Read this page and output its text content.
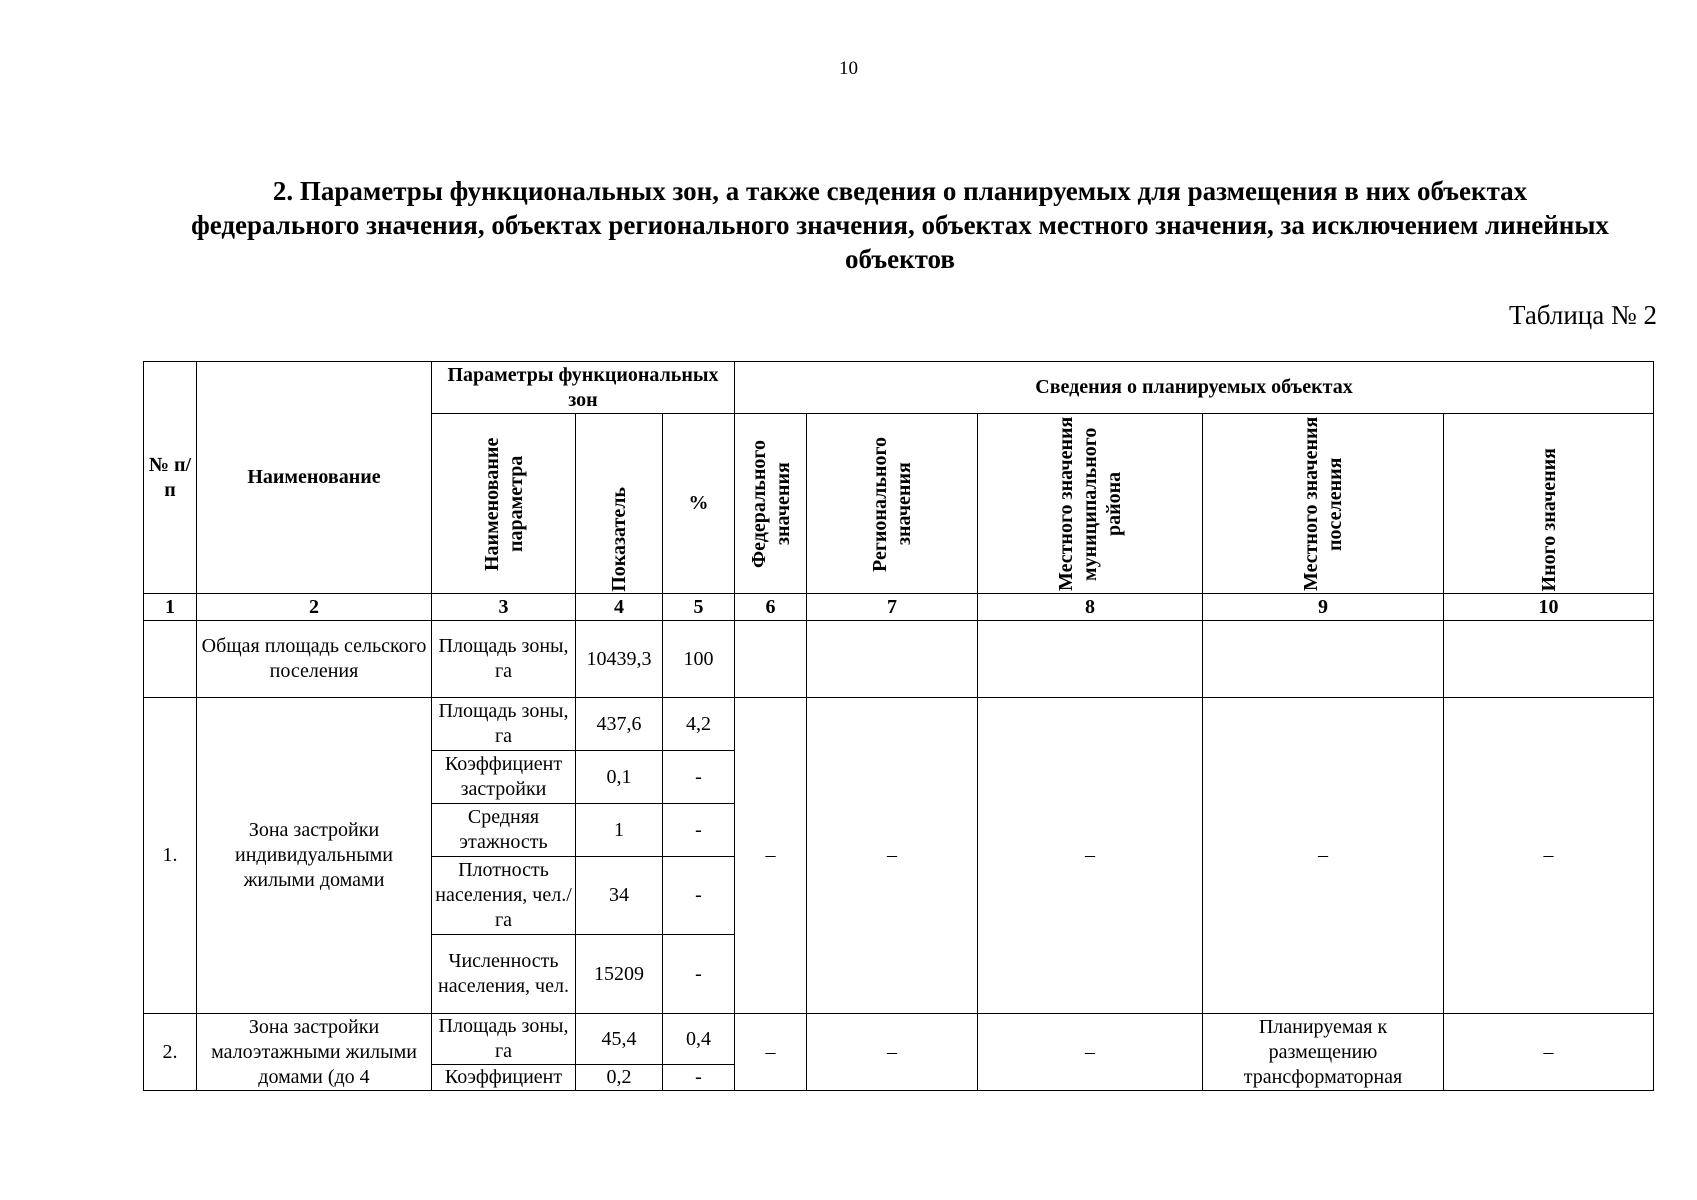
10
2. Параметры функциональных зон, а также сведения о планируемых для размещения в них объектах
федерального значения, объектах регионального значения, объектах местного значения, за исключением линейных
объектов
Таблица № 2
№ п/п	Наименование	Параметры функциональных зон			Сведения о планируемых объектах				

		Наименование параметра	Показатель	%	Федерального значения	Регионального значения	Местного значения муниципального района	Местного значения поселения	Иного значения

1	2	3	4	5	6	7	8	9	10
	Общая площадь сельского поселения	Площадь зоны, га	10439,3	100					
1.	Зона застройки индивидуальными жилыми домами	Площадь зоны, га	437,6	4,2	–	–	–	–	–
		Коэффициент застройки	0,1	-					
		Средняя этажность	1	-					
		Плотность населения, чел./га	34	-					
		Численность населения, чел.	15209	-					
2.	Зона застройки малоэтажными жилыми домами (до 4	Площадь зоны, га	45,4	0,4	–	–	–	Планируемая к размещению трансформаторная	–
		Коэффициент	0,2	-					
